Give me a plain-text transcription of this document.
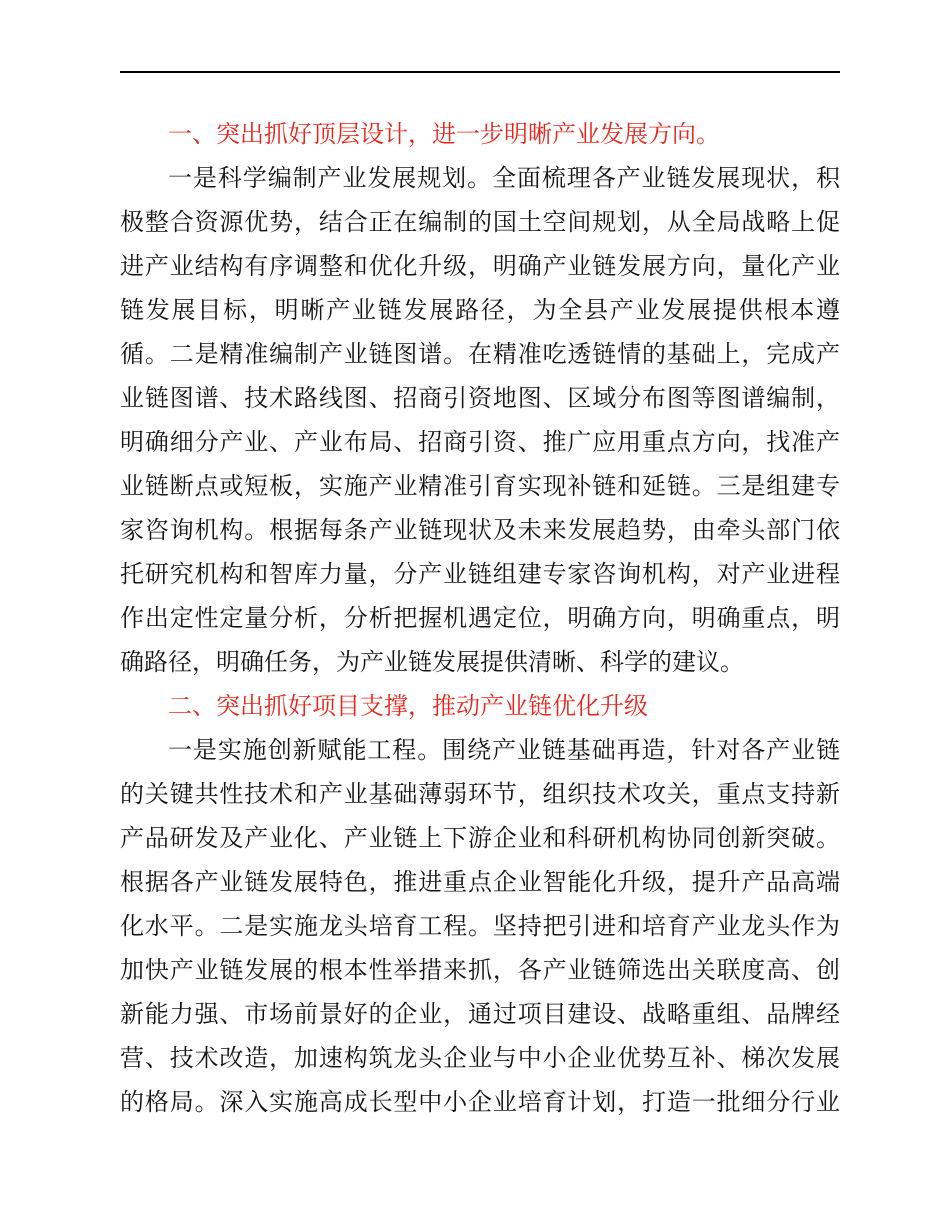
一、突出抓好顶层设计，进一步明晰产业发展方向。

一是科学编制产业发展规划。全面梳理各产业链发展现状，积
极整合资源优势，结合正在编制的国土空间规划，从全局战略上促
进产业结构有序调整和优化升级，明确产业链发展方向，量化产业
链发展目标，明晰产业链发展路径，为全县产业发展提供根本遵
循。二是精准编制产业链图谱。在精准吃透链情的基础上，完成产
业链图谱、技术路线图、招商引资地图、区域分布图等图谱编制，
明确细分产业、产业布局、招商引资、推广应用重点方向，找准产
业链断点或短板，实施产业精准引育实现补链和延链。三是组建专
家咨询机构。根据每条产业链现状及未来发展趋势，由牵头部门依
托研究机构和智库力量，分产业链组建专家咨询机构，对产业进程
作出定性定量分析，分析把握机遇定位，明确方向，明确重点，明
确路径，明确任务，为产业链发展提供清晰、科学的建议。

二、突出抓好项目支撑，推动产业链优化升级

一是实施创新赋能工程。围绕产业链基础再造，针对各产业链
的关键共性技术和产业基础薄弱环节，组织技术攻关，重点支持新
产品研发及产业化、产业链上下游企业和科研机构协同创新突破。
根据各产业链发展特色，推进重点企业智能化升级，提升产品高端
化水平。二是实施龙头培育工程。坚持把引进和培育产业龙头作为
加快产业链发展的根本性举措来抓，各产业链筛选出关联度高、创
新能力强、市场前景好的企业，通过项目建设、战略重组、品牌经
营、技术改造，加速构筑龙头企业与中小企业优势互补、梯次发展
的格局。深入实施高成长型中小企业培育计划，打造一批细分行业
